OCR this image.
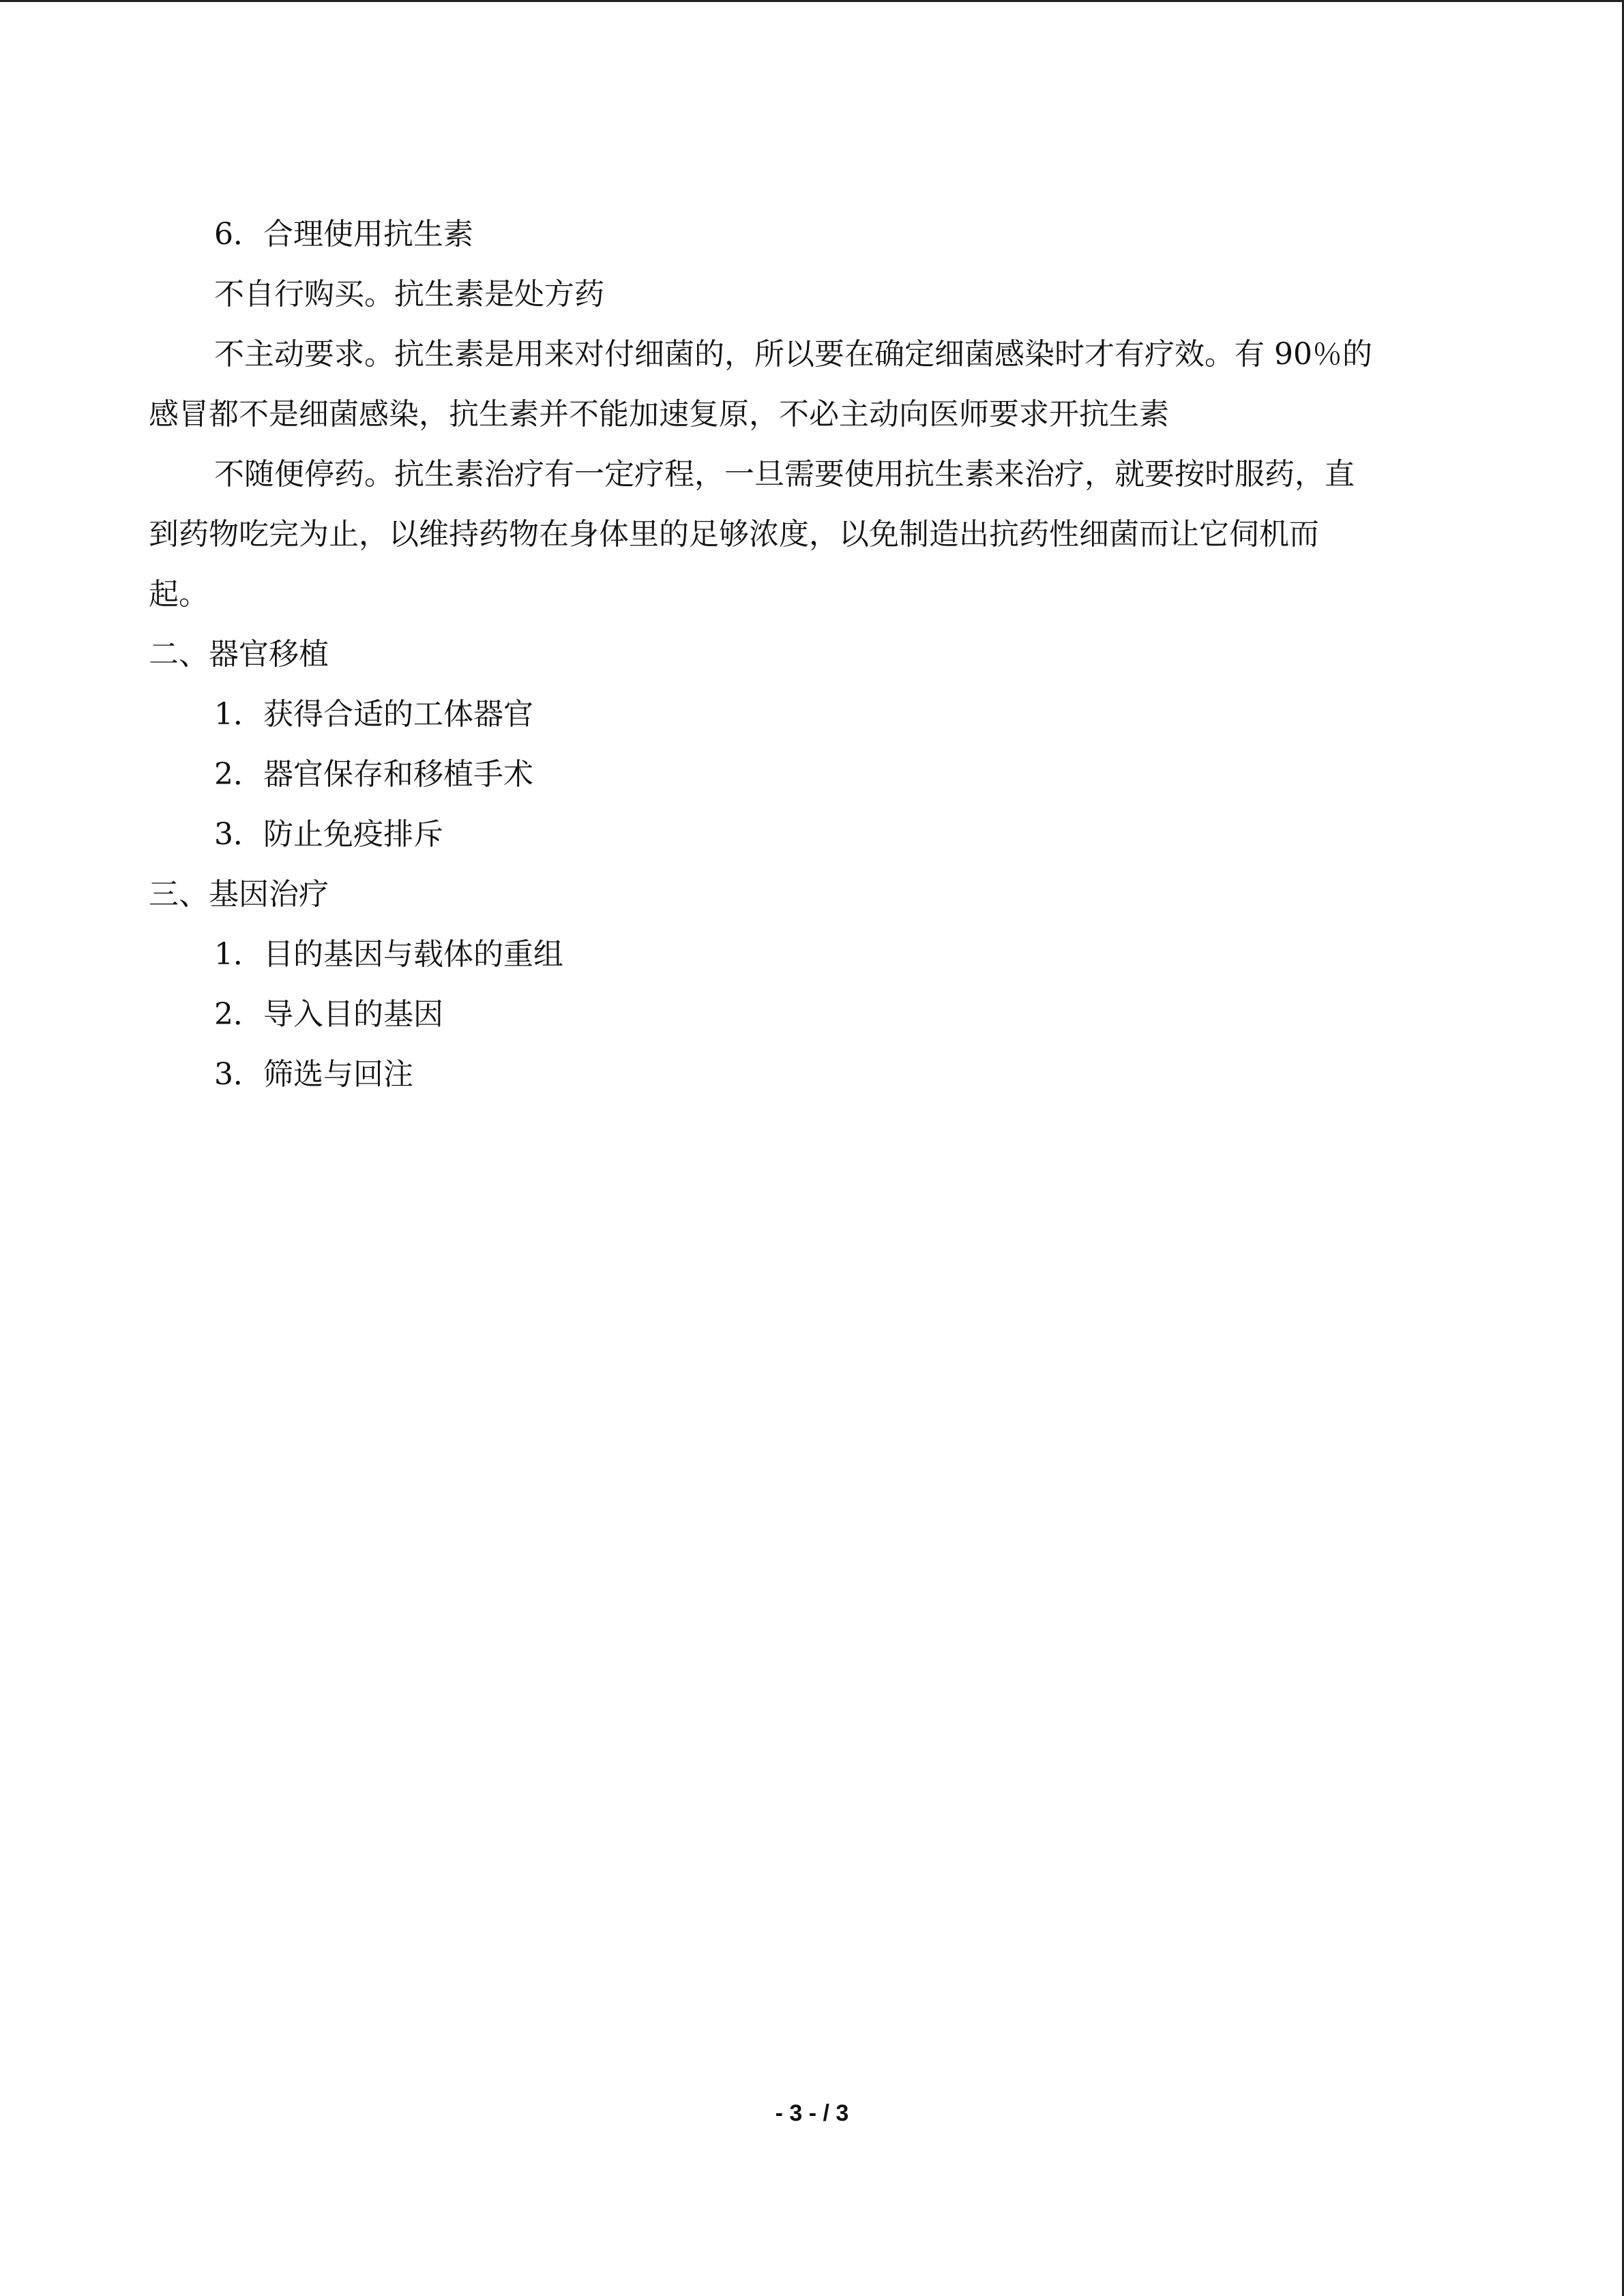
6．合理使用抗生素
不自行购买。抗生素是处方药
不主动要求。抗生素是用来对付细菌的，所以要在确定细菌感染时才有疗效。有 90％的
感冒都不是细菌感染，抗生素并不能加速复原，不必主动向医师要求开抗生素
不随便停药。抗生素治疗有一定疗程，一旦需要使用抗生素来治疗，就要按时服药，直
到药物吃完为止，以维持药物在身体里的足够浓度，以免制造出抗药性细菌而让它伺机而
起。
二、器官移植
1．获得合适的工体器官
2．器官保存和移植手术
3．防止免疫排斥
三、基因治疗
1．目的基因与载体的重组
2．导入目的基因
3．筛选与回注
- 3 - / 3
